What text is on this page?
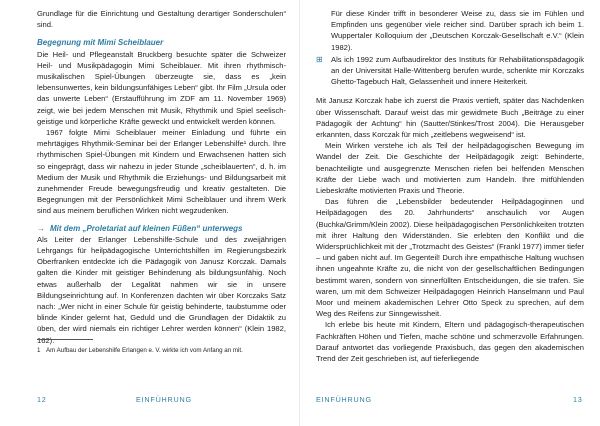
Grundlage für die Einrichtung und Gestaltung derartiger Sonderschulen“ sind.

Begegnung mit Mimi Scheiblauer

Die Heil- und Pflegeanstalt Bruckberg besuchte später die Schweizer Heil- und Musikpädagogin Mimi Scheiblauer. Mit ihren rhythmisch-musikalischen Spiel-Übungen überzeugte sie, dass es „kein lebensunwertes, kein bildungsunfähiges Leben“ gibt. Ihr Film „Ursula oder das unwerte Leben“ (Erstaufführung im ZDF am 11. November 1969) zeigt, wie bei jedem Menschen mit Musik, Rhythmik und Spiel seelisch-geistige und körperliche Kräfte geweckt und entwickelt werden können.

1967 folgte Mimi Scheiblauer meiner Einladung und führte ein mehrtägiges Rhythmik-Seminar bei der Erlanger Lebenshilfe¹ durch. Ihre rhythmischen Spiel-Übungen mit Kindern und Erwachsenen hatten sich so eingeprägt, dass wir nahezu in jeder Stunde „scheiblauerten“, d. h. im Medium der Musik und Rhythmik die Erziehungs- und Bildungsarbeit mit zunehmender Freude bewegungsfreudig und kreativ gestalteten. Die Begegnungen mit der Persönlichkeit Mimi Scheiblauer und ihrem Werk sind aus meinem beruflichen Wirken nicht wegzudenken.

→ Mit dem „Proletariat auf kleinen Füßen“ unterwegs

Als Leiter der Erlanger Lebenshilfe-Schule und des zweijährigen Lehrgangs für heilpädagogische Unterrichtshilfen im Regierungsbezirk Oberfranken entdeckte ich die Pädagogik von Janusz Korczak. Damals galten die Kinder mit geistiger Behinderung als bildungsunfähig. Noch etwas außerhalb der Legalität nahmen wir sie in unsere Bildungseinrichtung auf. In Konferenzen dachten wir über Korczaks Satz nach: „Wer nicht in einer Schule für geistig behinderte, taubstumme oder blinde Kinder gelernt hat, Geduld und die Grundlagen der Didaktik zu üben, der wird niemals ein richtiger Lehrer werden können“ (Klein 1982, 162).

1 Am Aufbau der Lebenshilfe Erlangen e. V. wirkte ich vom Anfang an mit.
12	EINFÜHRUNG

Für diese Kinder trifft in besonderer Weise zu, dass sie im Fühlen und Empfinden uns gegenüber viele reicher sind. Darüber sprach ich beim 1. Wuppertaler Kolloquium der „Deutschen Korczak-Gesellschaft e.V.“ (Klein 1982).

⊞	Als ich 1992 zum Aufbaudirektor des Instituts für Rehabilitationspädagogik an der Universität Halle-Wittenberg berufen wurde, schenkte mir Korczaks Ghetto-Tagebuch Halt, Gelassenheit und innere Heiterkeit.

Mit Janusz Korczak habe ich zuerst die Praxis vertieft, später das Nachdenken über Wissenschaft. Darauf weist das mir gewidmete Buch „Beiträge zu einer Pädagogik der Achtung“ hin (Sautter/Stinkes/Trost 2004). Die Herausgeber erkannten, dass Korczak für mich „zeitlebens wegweisend“ ist.

Mein Wirken verstehe ich als Teil der heilpädagogischen Bewegung im Wandel der Zeit. Die Geschichte der Heilpädagogik zeigt: Behinderte, benachteiligte und ausgegrenzte Menschen riefen bei helfenden Menschen Kräfte der Liebe wach und motivierten zum Handeln. Ihre mitfühlenden Liebeskräfte motivierten Praxis und Theorie.

Das führen die „Lebensbilder bedeutender Heilpädagoginnen und Heilpädagogen des 20. Jahrhunderts“ anschaulich vor Augen (Buchka/Grimm/Klein 2002). Diese heilpädagogischen Persönlichkeiten trotzten mit ihrer Haltung den Widerständen. Sie erlebten den Konflikt und die Widersprüchlichkeit mit der „Trotzmacht des Geistes“ (Frankl 1977) immer tiefer – und gaben nicht auf. Im Gegenteil! Durch ihre empathische Haltung wuchsen ihnen ungeahnte Kräfte zu, die nicht von der gesellschaftlichen Bedingungen bestimmt waren, sondern von sinnerfüllten Entscheidungen, die sie trafen. Sie waren, um mit dem Schweizer Heilpädagogen Heinrich Hanselmann und Paul Moor und meinem akademischen Lehrer Otto Speck zu sprechen, auf dem Weg des Reifens zur Sinngewissheit.

Ich erlebe bis heute mit Kindern, Eltern und pädagogisch-therapeutischen Fachkräften Höhen und Tiefen, mache schöne und schmerzvolle Erfahrungen. Darauf antwortet das vorliegende Praxisbuch, das gegen den akademischen Trend der Zeit geschrieben ist, auf tieferliegende

EINFÜHRUNG	13
